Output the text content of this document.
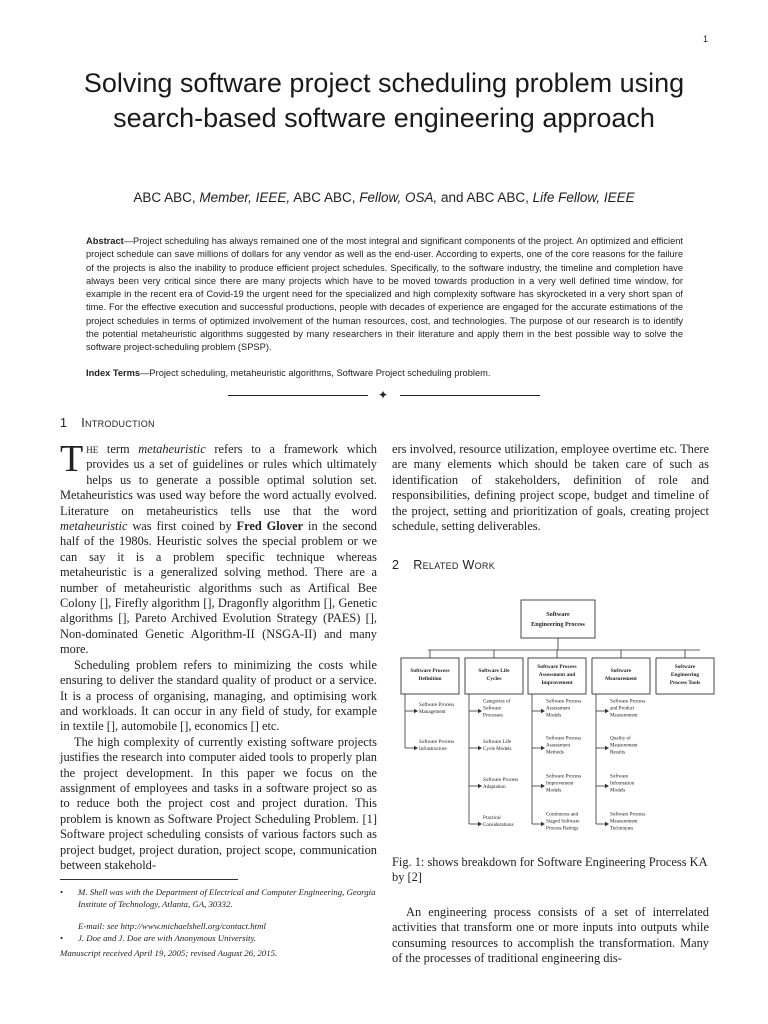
1
Solving software project scheduling problem using search-based software engineering approach
ABC ABC, Member, IEEE, ABC ABC, Fellow, OSA, and ABC ABC, Life Fellow, IEEE
Abstract—Project scheduling has always remained one of the most integral and significant components of the project. An optimized and efficient project schedule can save millions of dollars for any vendor as well as the end-user. According to experts, one of the core reasons for the failure of the projects is also the inability to produce efficient project schedules. Specifically, to the software industry, the timeline and completion have always been very critical since there are many projects which have to be moved towards production in a very well defined time window, for example in the recent era of Covid-19 the urgent need for the specialized and high complexity software has skyrocketed in a very short span of time. For the effective execution and successful productions, people with decades of experience are engaged for the accurate estimations of the project schedules in terms of optimized involvement of the human resources, cost, and technologies. The purpose of our research is to identify the potential metaheuristic algorithms suggested by many researchers in their literature and apply them in the best possible way to solve the software project-scheduling problem (SPSP).
Index Terms—Project scheduling, metaheuristic algorithms, Software Project scheduling problem.
✦
1 Introduction

The term metaheuristic refers to a framework which provides us a set of guidelines or rules which ultimately helps us to generate a possible optimal solution set. Metaheuristics was used way before the word actually evolved. Literature on metaheuristics tells use that the word metaheuristic was first coined by Fred Glover in the second half of the 1980s. Heuristic solves the special problem or we can say it is a problem specific technique whereas metaheuristic is a generalized solving method. There are a number of metaheuristic algorithms such as Artifical Bee Colony [], Firefly algorithm [], Dragonfly algorithm [], Genetic algorithms [], Pareto Archived Evolution Strategy (PAES) [], Non-dominated Genetic Algorithm-II (NSGA-II) and many more.

Scheduling problem refers to minimizing the costs while ensuring to deliver the standard quality of product or a service. It is a process of organising, managing, and optimising work and workloads. It can occur in any field of study, for example in textile [], automobile [], economics [] etc.

The high complexity of currently existing software projects justifies the research into computer aided tools to properly plan the project development. In this paper we focus on the assignment of employees and tasks in a software project so as to reduce both the project cost and project duration. This problem is known as Software Project Scheduling Problem. [1] Software project scheduling consists of various factors such as project budget, project duration, project scope, communication between stakehold-

• M. Shell was with the Department of Electrical and Computer Engineering, Georgia Institute of Technology, Atlanta, GA, 30332.
E-mail: see http://www.michaelshell.org/contact.html
• J. Doe and J. Doe are with Anonymous University.
Manuscript received April 19, 2005; revised August 26, 2015.

ers involved, resource utilization, employee overtime etc. There are many elements which should be taken care of such as identification of stakeholders, definition of role and responsibilities, defining project scope, budget and timeline of the project, setting and prioritization of goals, creating project schedule, setting deliverables.

2 Related Work
Software Engineering Process
Software Process Definition
Software Life Cycles
Software Process Assessment and Improvement
Software Measurement
Software Engineering Process Tools
Software Process Management
Software Process Infrastructure
Categories of Software Processes
Software Life Cycle Models
Software Process Adaptation
Practical Considerations
Software Process Assessment Models
Software Process Assessment Methods
Software Process Improvement Models
Continuous and Staged Software Process Ratings
Software Process and Product Measurement
Quality of Measurement Results
Software Information Models
Software Process Measurement Techniques
Fig. 1: shows breakdown for Software Engineering Process KA by [2]

An engineering process consists of a set of interrelated activities that transform one or more inputs into outputs while consuming resources to accomplish the transformation. Many of the processes of traditional engineering dis-
